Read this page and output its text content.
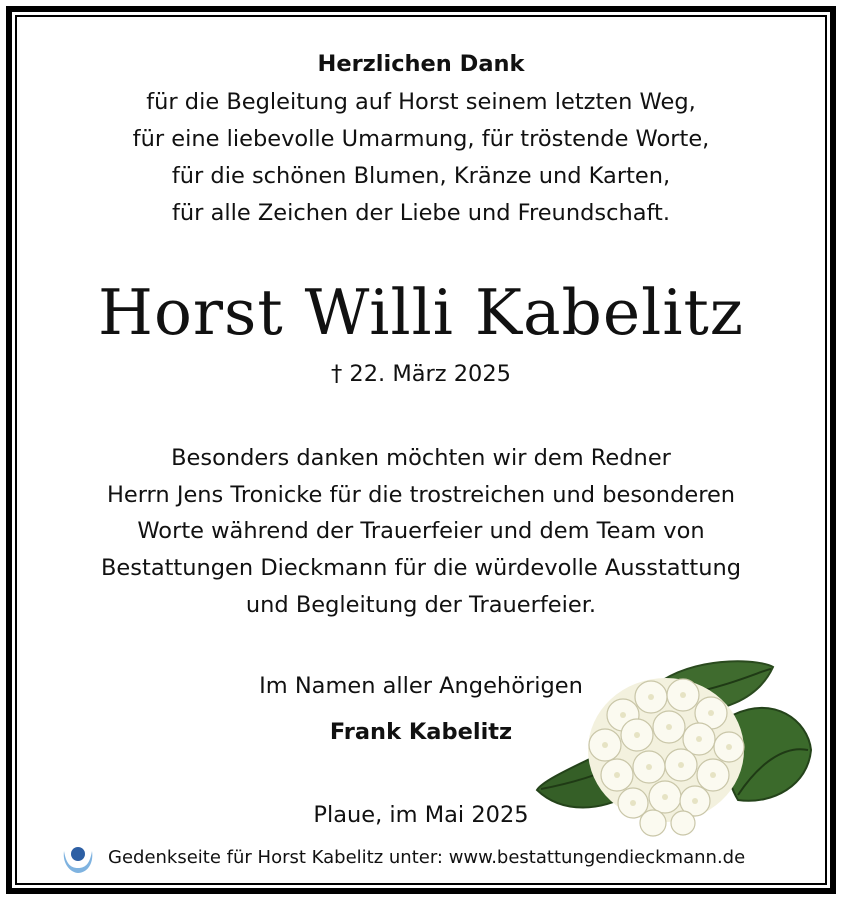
Herzlichen Dank
für die Begleitung auf Horst seinem letzten Weg,
für eine liebevolle Umarmung, für tröstende Worte,
für die schönen Blumen, Kränze und Karten,
für alle Zeichen der Liebe und Freundschaft.
Horst Willi Kabelitz
† 22. März 2025
Besonders danken möchten wir dem Redner
Herrn Jens Tronicke für die trostreichen und besonderen
Worte während der Trauerfeier und dem Team von
Bestattungen Dieckmann für die würdevolle Ausstattung
und Begleitung der Trauerfeier.
Im Namen aller Angehörigen
Frank Kabelitz
Plaue, im Mai 2025
Gedenkseite für Horst Kabelitz unter: www.bestattungendieckmann.de
